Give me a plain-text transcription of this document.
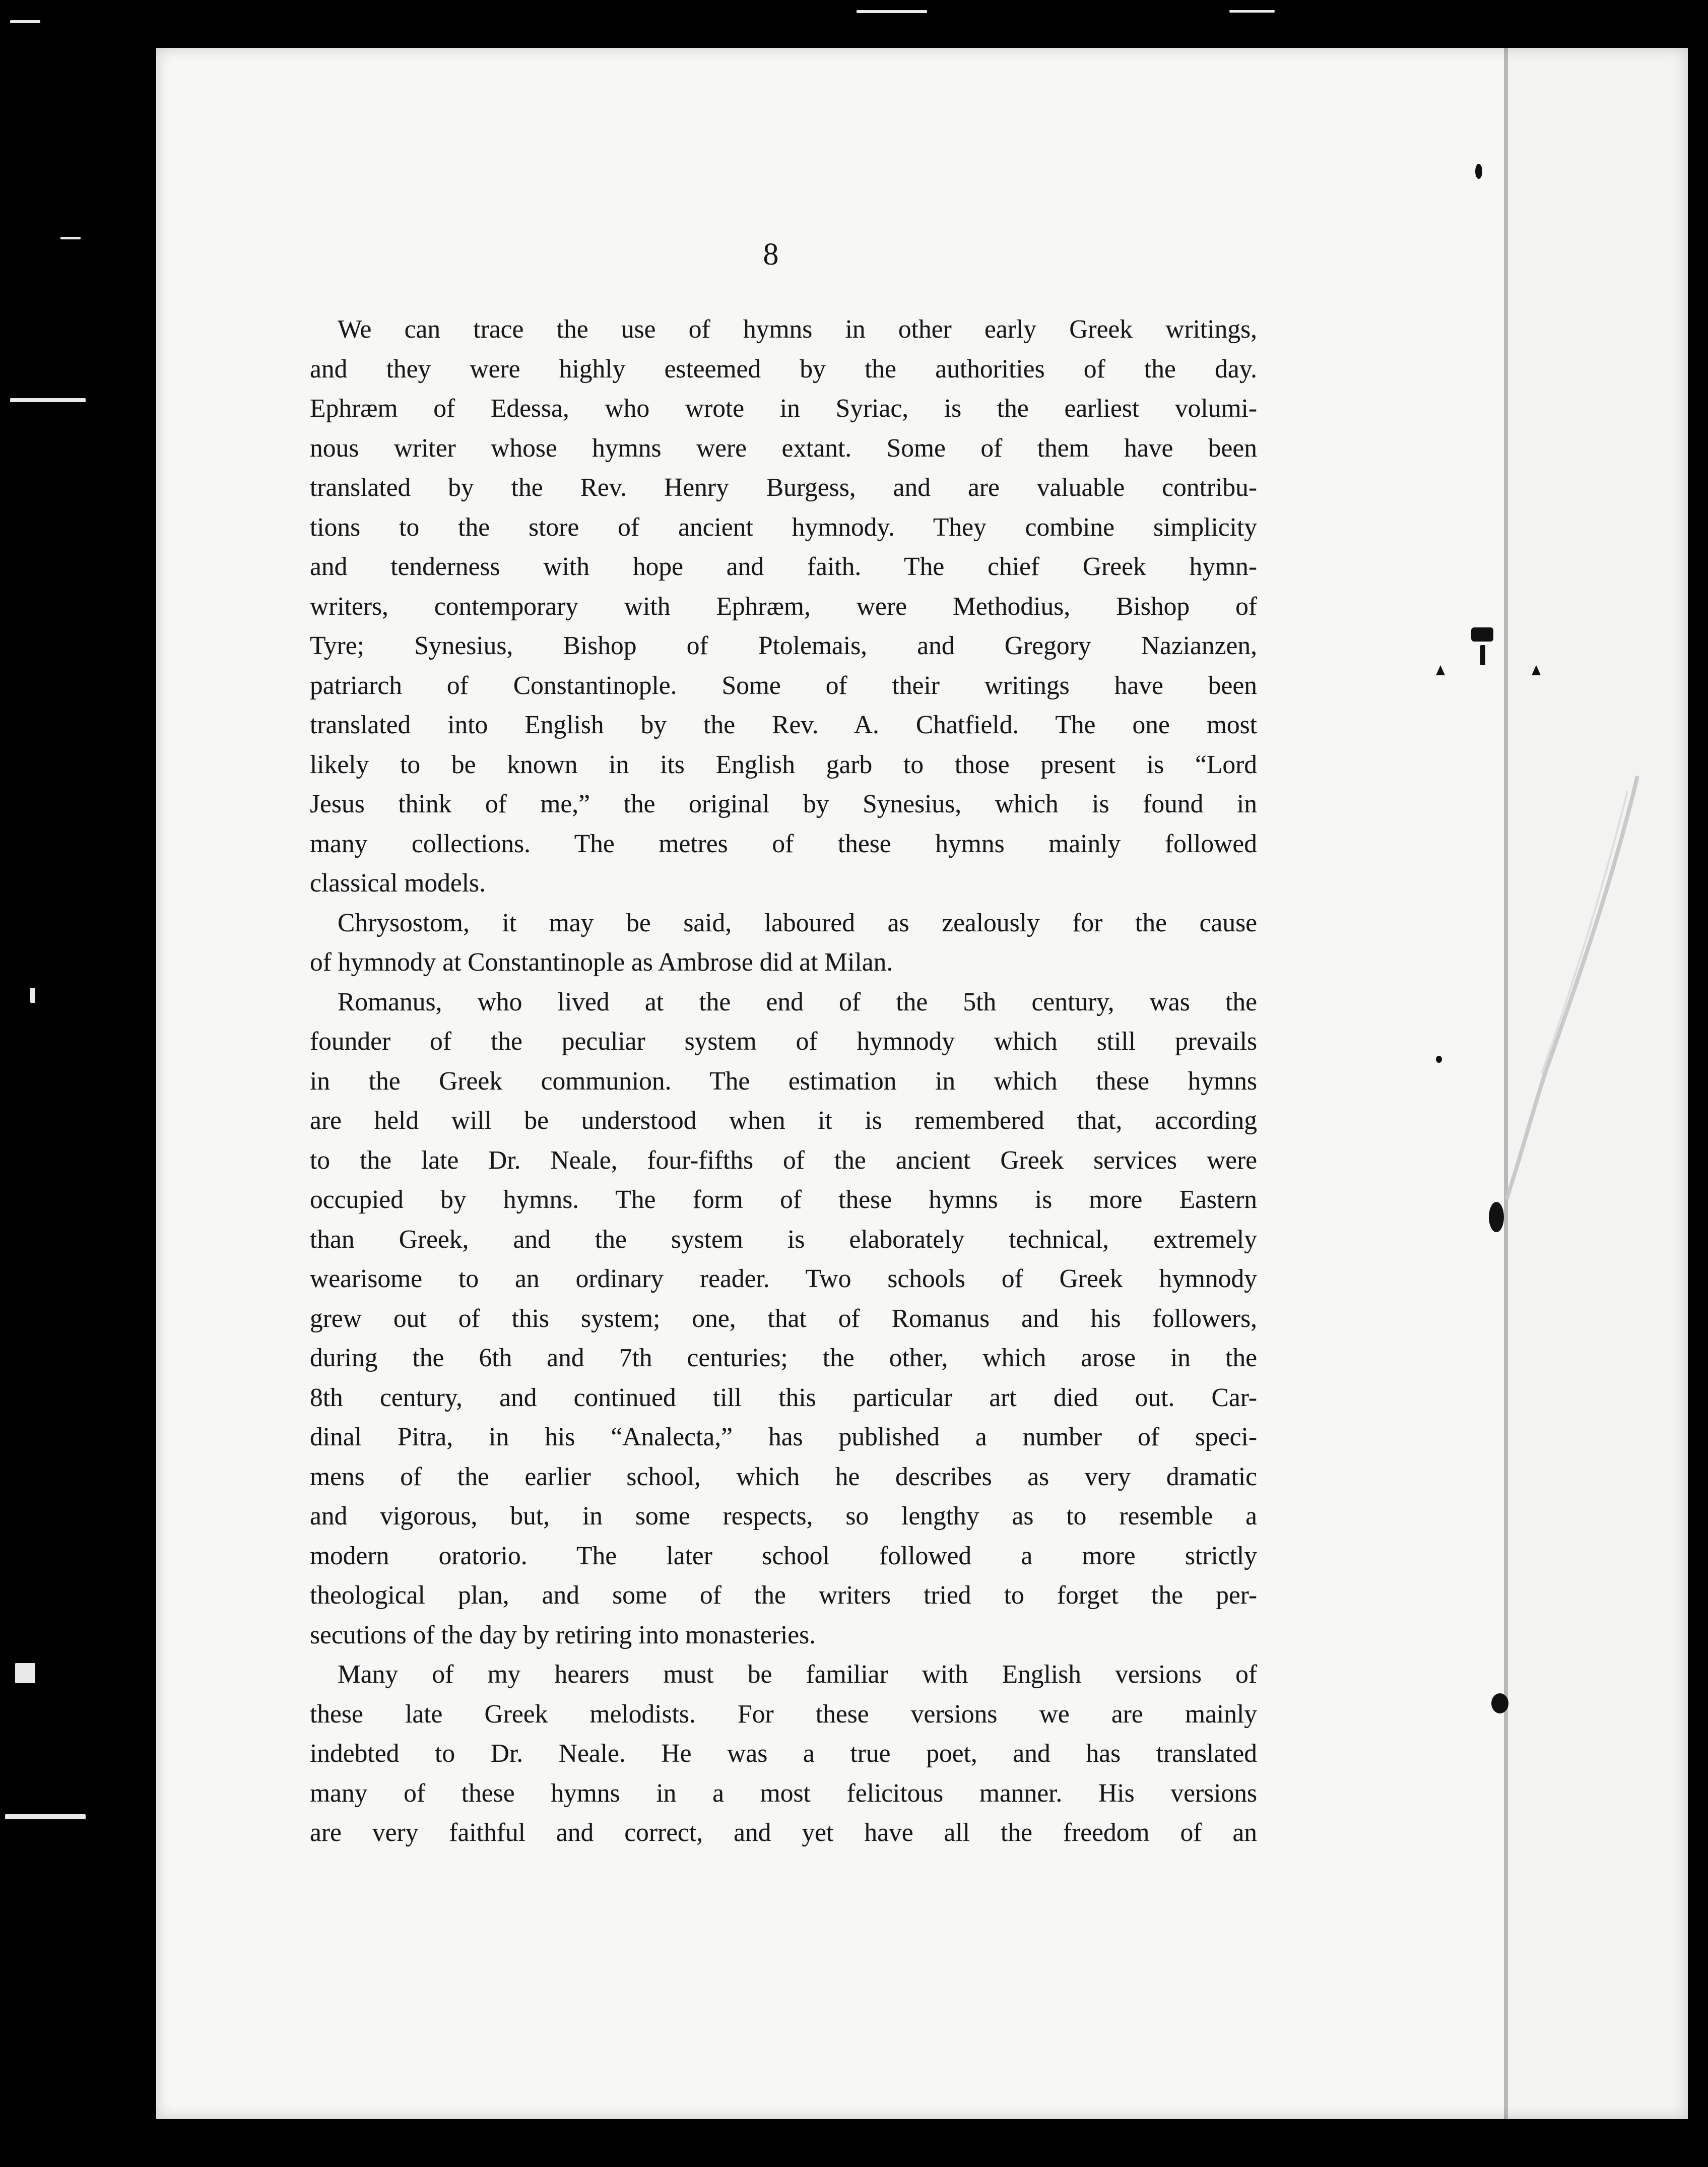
8
We can trace the use of hymns in other early Greek writings,
and they were highly esteemed by the authorities of the day.
Ephræm of Edessa, who wrote in Syriac, is the earliest volumi-
nous writer whose hymns were extant. Some of them have been
translated by the Rev. Henry Burgess, and are valuable contribu-
tions to the store of ancient hymnody. They combine simplicity
and tenderness with hope and faith. The chief Greek hymn-
writers, contemporary with Ephræm, were Methodius, Bishop of
Tyre; Synesius, Bishop of Ptolemais, and Gregory Nazianzen,
patriarch of Constantinople. Some of their writings have been
translated into English by the Rev. A. Chatfield. The one most
likely to be known in its English garb to those present is “Lord
Jesus think of me,” the original by Synesius, which is found in
many collections. The metres of these hymns mainly followed
classical models.
Chrysostom, it may be said, laboured as zealously for the cause
of hymnody at Constantinople as Ambrose did at Milan.
Romanus, who lived at the end of the 5th century, was the
founder of the peculiar system of hymnody which still prevails
in the Greek communion. The estimation in which these hymns
are held will be understood when it is remembered that, according
to the late Dr. Neale, four-fifths of the ancient Greek services were
occupied by hymns. The form of these hymns is more Eastern
than Greek, and the system is elaborately technical, extremely
wearisome to an ordinary reader. Two schools of Greek hymnody
grew out of this system; one, that of Romanus and his followers,
during the 6th and 7th centuries; the other, which arose in the
8th century, and continued till this particular art died out. Car-
dinal Pitra, in his “Analecta,” has published a number of speci-
mens of the earlier school, which he describes as very dramatic
and vigorous, but, in some respects, so lengthy as to resemble a
modern oratorio. The later school followed a more strictly
theological plan, and some of the writers tried to forget the per-
secutions of the day by retiring into monasteries.
Many of my hearers must be familiar with English versions of
these late Greek melodists. For these versions we are mainly
indebted to Dr. Neale. He was a true poet, and has translated
many of these hymns in a most felicitous manner. His versions
are very faithful and correct, and yet have all the freedom of an
